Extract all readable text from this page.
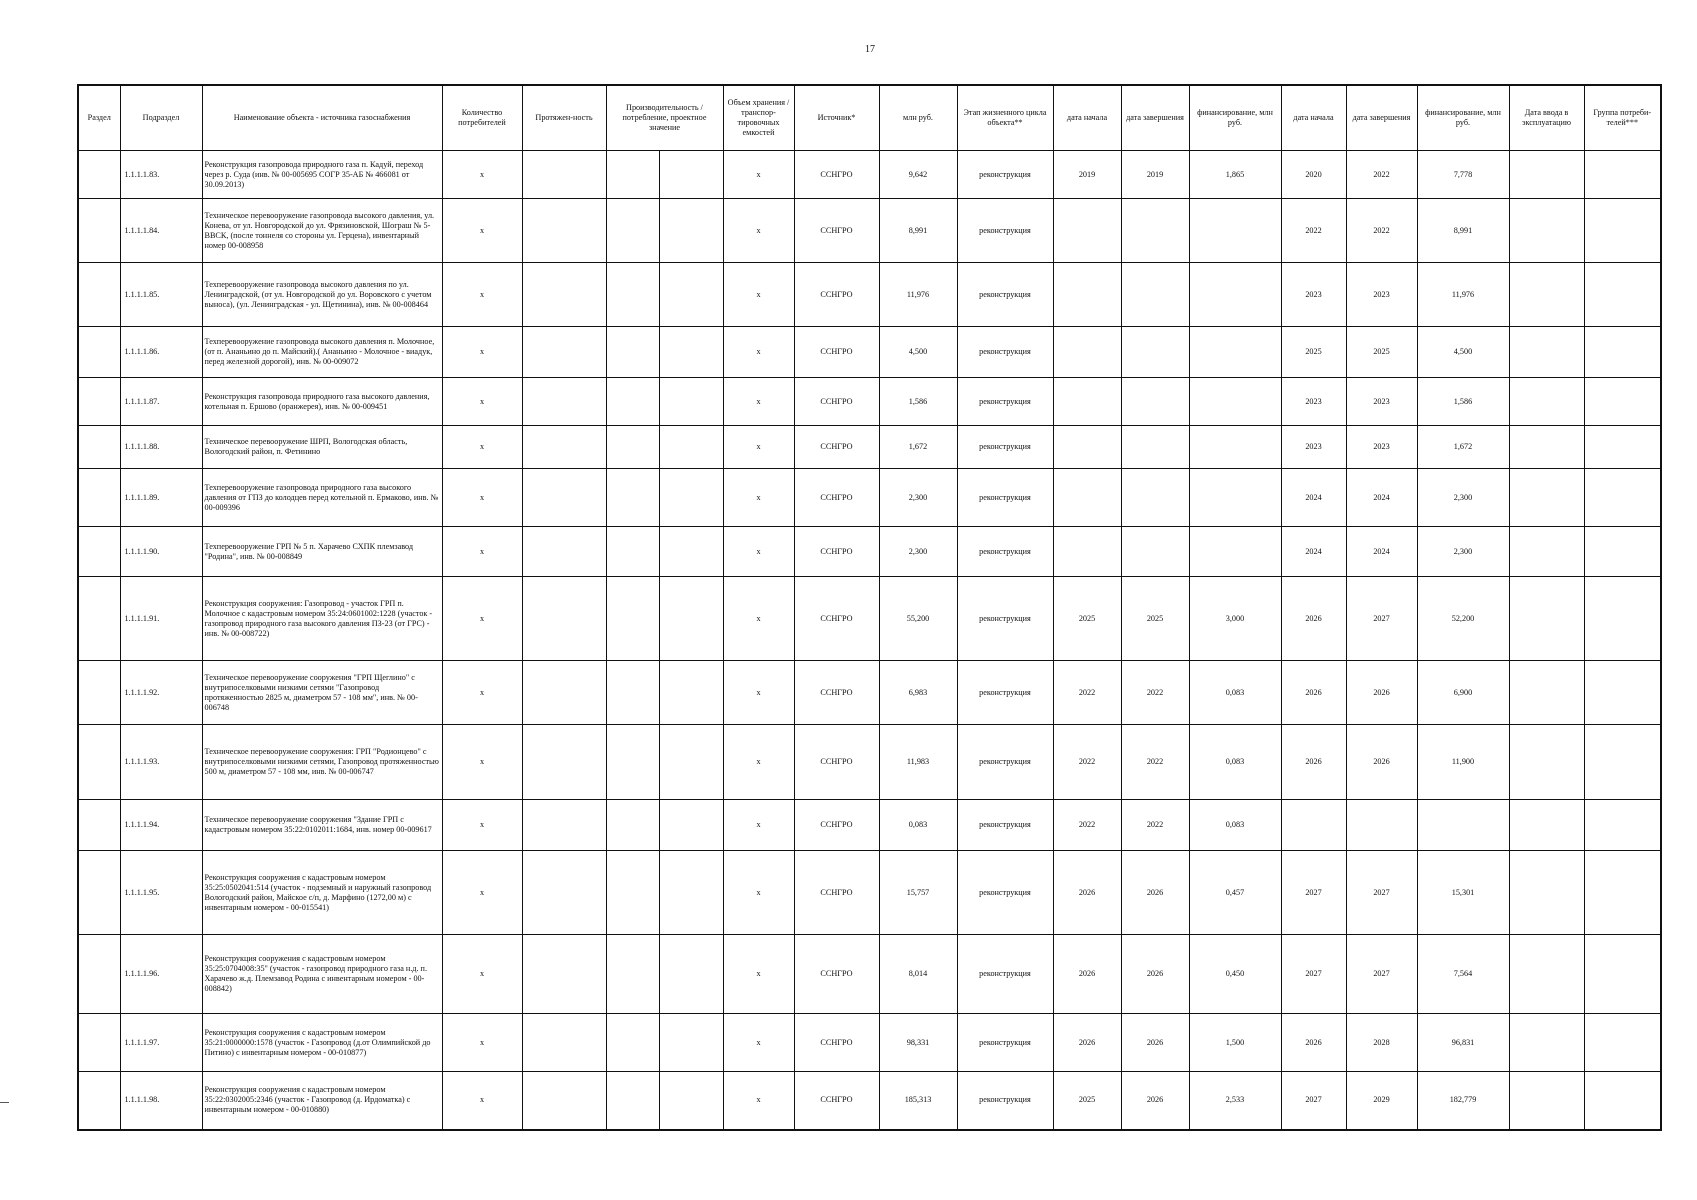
17
Раздел	Подраздел	Наименование объекта - источника газоснабжения	Количество потребителей	Протяжен-ность	Производительность / потребление, проектное значение		Объем хранения / транспор-тировочных емкостей	Источник*	млн руб.	Этап жизненного цикла объекта**	дата начала	дата завершения	финансирование, млн руб.	дата начала	дата завершения	финансирование, млн руб.	Дата ввода в эксплуатацию	Группа потреби-телей***
	1.1.1.1.83.	Реконструкция газопровода природного газа п. Кадуй, переход через р. Суда (инв. № 00-005695 СОГР 35-АБ № 466081 от 30.09.2013)	x				x	ССНГРО	9,642	реконструкция	2019	2019	1,865	2020	2022	7,778		
	1.1.1.1.84.	Техническое перевооружение газопровода высокого давления, ул. Конева, от ул. Новгородской до ул. Фрязиновской, Шограш № 5-ВВСК, (после тоннеля со стороны ул. Герцена), инвентарный номер 00-008958	x				x	ССНГРО	8,991	реконструкция				2022	2022	8,991		
	1.1.1.1.85.	Техперевооружение газопровода высокого давления по ул. Ленинградской, (от ул. Новгородской до ул. Воровского с учетом выноса), (ул. Ленинградская - ул. Щетинина), инв. № 00-008464	x				x	ССНГРО	11,976	реконструкция				2023	2023	11,976		
	1.1.1.1.86.	Техперевооружение газопровода высокого давления п. Молочное, (от п. Ананьино до п. Майский).( Ананьино - Молочное - виадук, перед железной дорогой), инв. № 00-009072	x				x	ССНГРО	4,500	реконструкция				2025	2025	4,500		
	1.1.1.1.87.	Реконструкция газопровода природного газа высокого давления, котельная п. Ершово (оранжерея), инв. № 00-009451	x				x	ССНГРО	1,586	реконструкция				2023	2023	1,586		
	1.1.1.1.88.	Техническое перевооружение ШРП, Вологодская область, Вологодский район, п. Фетинино	x				x	ССНГРО	1,672	реконструкция				2023	2023	1,672		
	1.1.1.1.89.	Техперевооружение газопровода природного газа высокого давления от ГПЗ до колодцев перед котельной п. Ермаково, инв. № 00-009396	x				x	ССНГРО	2,300	реконструкция				2024	2024	2,300		
	1.1.1.1.90.	Техперевооружение ГРП № 5 п. Харачево СХПК племзавод "Родина", инв. № 00-008849	x				x	ССНГРО	2,300	реконструкция				2024	2024	2,300		
	1.1.1.1.91.	Реконструкция сооружения: Газопровод - участок ГРП п. Молочное с кадастровым номером 35:24:0601002:1228 (участок - газопровод природного газа высокого давления ПЗ-23 (от ГРС) - инв. № 00-008722)	x				x	ССНГРО	55,200	реконструкция	2025	2025	3,000	2026	2027	52,200		
	1.1.1.1.92.	Техническое перевооружение сооружения "ГРП Щеглино" с внутрипоселковыми низкими сетями "Газопровод протяженностью 2825 м, диаметром 57 - 108 мм", инв. № 00-006748	x				x	ССНГРО	6,983	реконструкция	2022	2022	0,083	2026	2026	6,900		
	1.1.1.1.93.	Техническое перевооружение сооружения: ГРП "Родионцево" с внутрипоселковыми низкими сетями, Газопровод протяженностью 500 м, диаметром 57 - 108 мм, инв. № 00-006747	x				x	ССНГРО	11,983	реконструкция	2022	2022	0,083	2026	2026	11,900		
	1.1.1.1.94.	Техническое перевооружение сооружения "Здание ГРП с кадастровым номером 35:22:0102011:1684, инв. номер 00-009617	x				x	ССНГРО	0,083	реконструкция	2022	2022	0,083					
	1.1.1.1.95.	Реконструкция сооружения с кадастровым номером 35:25:0502041:514 (участок - подземный и наружный газопровод Вологодский район, Майское с/п, д. Марфино (1272,00 м) с инвентарным номером - 00-015541)	x				x	ССНГРО	15,757	реконструкция	2026	2026	0,457	2027	2027	15,301		
	1.1.1.1.96.	Реконструкция сооружения с кадастровым номером 35:25:0704008:35" (участок - газопровод природного газа н.д. п. Харачево ж.д. Племзавод Родина с инвентарным номером - 00-008842)	x				x	ССНГРО	8,014	реконструкция	2026	2026	0,450	2027	2027	7,564		
	1.1.1.1.97.	Реконструкция сооружения с кадастровым номером 35:21:0000000:1578 (участок - Газопровод (д.от Олимпийской до Питино) с инвентарным номером - 00-010877)	x				x	ССНГРО	98,331	реконструкция	2026	2026	1,500	2026	2028	96,831		
	1.1.1.1.98.	Реконструкция сооружения с кадастровым номером 35:22:0302005:2346 (участок - Газопровод (д. Ирдоматка) с инвентарным номером - 00-010880)	x				x	ССНГРО	185,313	реконструкция	2025	2026	2,533	2027	2029	182,779		
